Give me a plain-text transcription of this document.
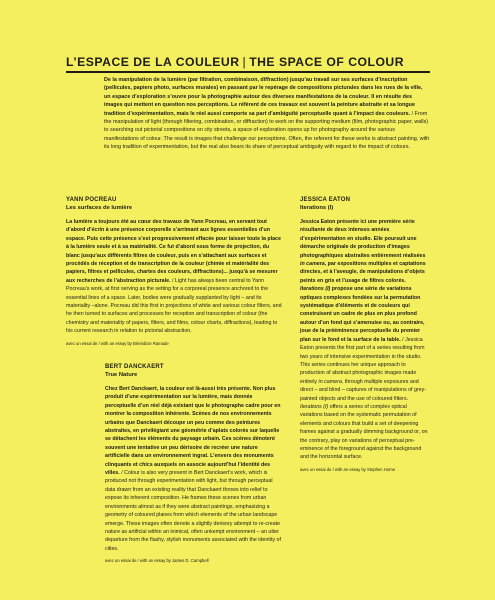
L’ESPACE DE LA COULEUR | THE SPACE OF COLOUR
De la manipulation de la lumière (par filtration, combinaison, diffraction) jusqu’au travail sur ses surfaces d’inscription (pellicules, papiers photo, surfaces murales) en passant par le repérage de compositions picturales dans les rues de la ville, un espace d’exploration s’ouvre pour la photographie autour des diverses manifestations de la couleur. Il en résulte des images qui mettent en question nos perceptions. Le référent de ces travaux est souvent la peinture abstraite et sa longue tradition d’expérimentation, mais le réel aussi comporte sa part d’ambiguïté perceptuelle quant à l’impact des couleurs. / From the manipulation of light (through filtering, combination, or diffraction) to work on the supporting medium (film, photographic paper, walls) to searching out pictorial compositions on city streets, a space of exploration opens up for photography around the various manifestations of colour. The result is images that challenge our perceptions. Often, the referent for these works is abstract painting, with its long tradition of experimentation, but the real also bears its share of perceptual ambiguity with regard to the impact of colours.
YANN POCREAU
Les surfaces de lumière

La lumière a toujours été au cœur des travaux de Yann Pocreau, en servant tout d’abord d’écrin à une présence corporelle s’arrimant aux lignes essentielles d’un espace. Puis cette présence s’est progressivement effacée pour laisser toute la place à la lumière seule et à sa matérialité. Ce fut d’abord sous forme de projection, du blanc jusqu’aux différents filtres de couleur, puis en s’attachant aux surfaces et procédés de réception et de transcription de la couleur (chimie et matérialité des papiers, filtres et pellicules, chartes des couleurs, diffractions)... jusqu’à se mesurer aux recherches de l’abstraction picturale. / Light has always been central to Yann Pocreau’s work, at first serving as the setting for a corporeal presence anchored to the essential lines of a space. Later, bodies were gradually supplanted by light – and its materiality –alone. Pocreau did this first in projections of white and various colour filters, and he then turned to surfaces and processes for reception and transcription of colour (the chemistry and materiality of papers, filters, and films, colour charts, diffractions), leading to his current research in relation to pictorial abstraction.

avec un essai de / with an essay by Bénédicte Ramade
BERT DANCKAERT
True Nature

Chez Bert Danckaert, la couleur est là-aussi très présente. Non plus produit d’une expérimentation sur la lumière, mais donnée perceptuelle d’un réel déjà existant que le photographe cadre pour en montrer la composition inhérente. Scènes de nos environnements urbains que Danckaert découpe un peu comme des peintures abstraites, en privilégiant une géométrie d’aplats colorés sur laquelle se détachent les éléments du paysage urbain. Ces scènes dénotent souvent une tentative un peu dérisoire de recréer une nature artificielle dans un environnement ingrat. L’envers des monuments clinquants et chics auxquels on associe aujourd’hui l’identité des villes. / Colour is also very present in Bert Danckaert’s work, which is produced not through experimentation with light, but through perceptual data drawn from an existing reality that Danckaert throws into relief to expose its inherent composition. He frames these scenes from urban environments almost as if they were abstract paintings, emphasizing a geometry of coloured planes from which elements of the urban landscape emerge. These images often denote a slightly derisory attempt to re-create nature as artificial within an inimical, often unkempt environment – an utter departure from the flashy, stylish monuments associated with the identity of cities.

avec un essai de / with an essay by James D. Campbell
JESSICA EATON
Iterations (I)

Jessica Eaton présente ici une première série résultante de deux intenses années d’expérimentation en studio. Elle poursuit une démarche originale de production d’images photographiques abstraites entièrement réalisées in camera, par expositions multiples et captations directes, et à l’aveugle, de manipulations d’objets peints en gris et l’usage de filtres colorés. Iterations (I) propose une série de variations optiques complexes fondées sur la permutation systématique d’éléments et de couleurs qui construisent un cadre de plus en plus profond autour d’un fond qui s’amenuise ou, au contraire, joue de la prééminence perceptuelle du premier plan sur le fond et la surface de la table. / Jessica Eaton presents the first part of a series resulting from two years of intensive experimentation in the studio. This series continues her unique approach to production of abstract photographic images made entirely in camera, through multiple exposures and direct – and blind – captures of manipulations of grey-painted objects and the use of coloured filters. Iterations (I) offers a series of complex optical variations based on the systematic permutation of elements and colours that build a set of deepening frames against a gradually dimming background or, on the contrary, play on variations of perceptual pre-eminence of the foreground against the background and the horizontal surface.

avec un essai de / with an essay by Stephen Horne
